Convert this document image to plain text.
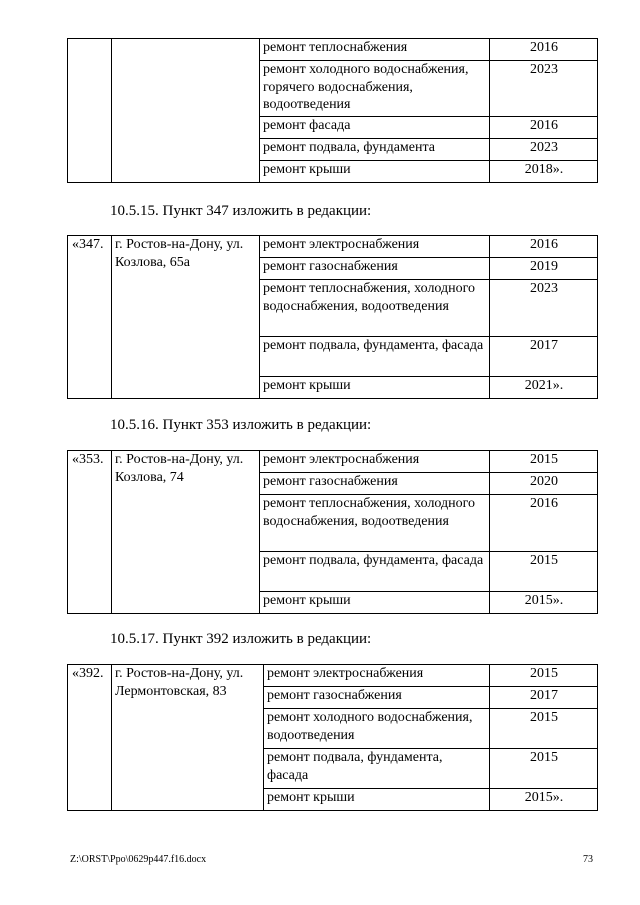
		ремонт теплоснабжения	2016
		ремонт холодного водоснабжения, горячего водоснабжения, водоотведения	2023
		ремонт фасада	2016
		ремонт подвала, фундамента	2023
		ремонт крыши	2018».

10.5.15. Пункт 347 изложить в редакции:

«347.	г. Ростов-на-Дону, ул. Козлова, 65а	ремонт электроснабжения	2016
		ремонт газоснабжения	2019
		ремонт теплоснабжения, холодного водоснабжения, водоотведения	2023
		ремонт подвала, фундамента, фасада	2017
		ремонт крыши	2021».

10.5.16. Пункт 353 изложить в редакции:

«353.	г. Ростов-на-Дону, ул. Козлова, 74	ремонт электроснабжения	2015
		ремонт газоснабжения	2020
		ремонт теплоснабжения, холодного водоснабжения, водоотведения	2016
		ремонт подвала, фундамента, фасада	2015
		ремонт крыши	2015».

10.5.17. Пункт 392 изложить в редакции:

«392.	г. Ростов-на-Дону, ул. Лермонтовская, 83	ремонт электроснабжения	2015
		ремонт газоснабжения	2017
		ремонт холодного водоснабжения, водоотведения	2015
		ремонт подвала, фундамента, фасада	2015
		ремонт крыши	2015».
Z:\ORST\Ppo\0629p447.f16.docx	73
